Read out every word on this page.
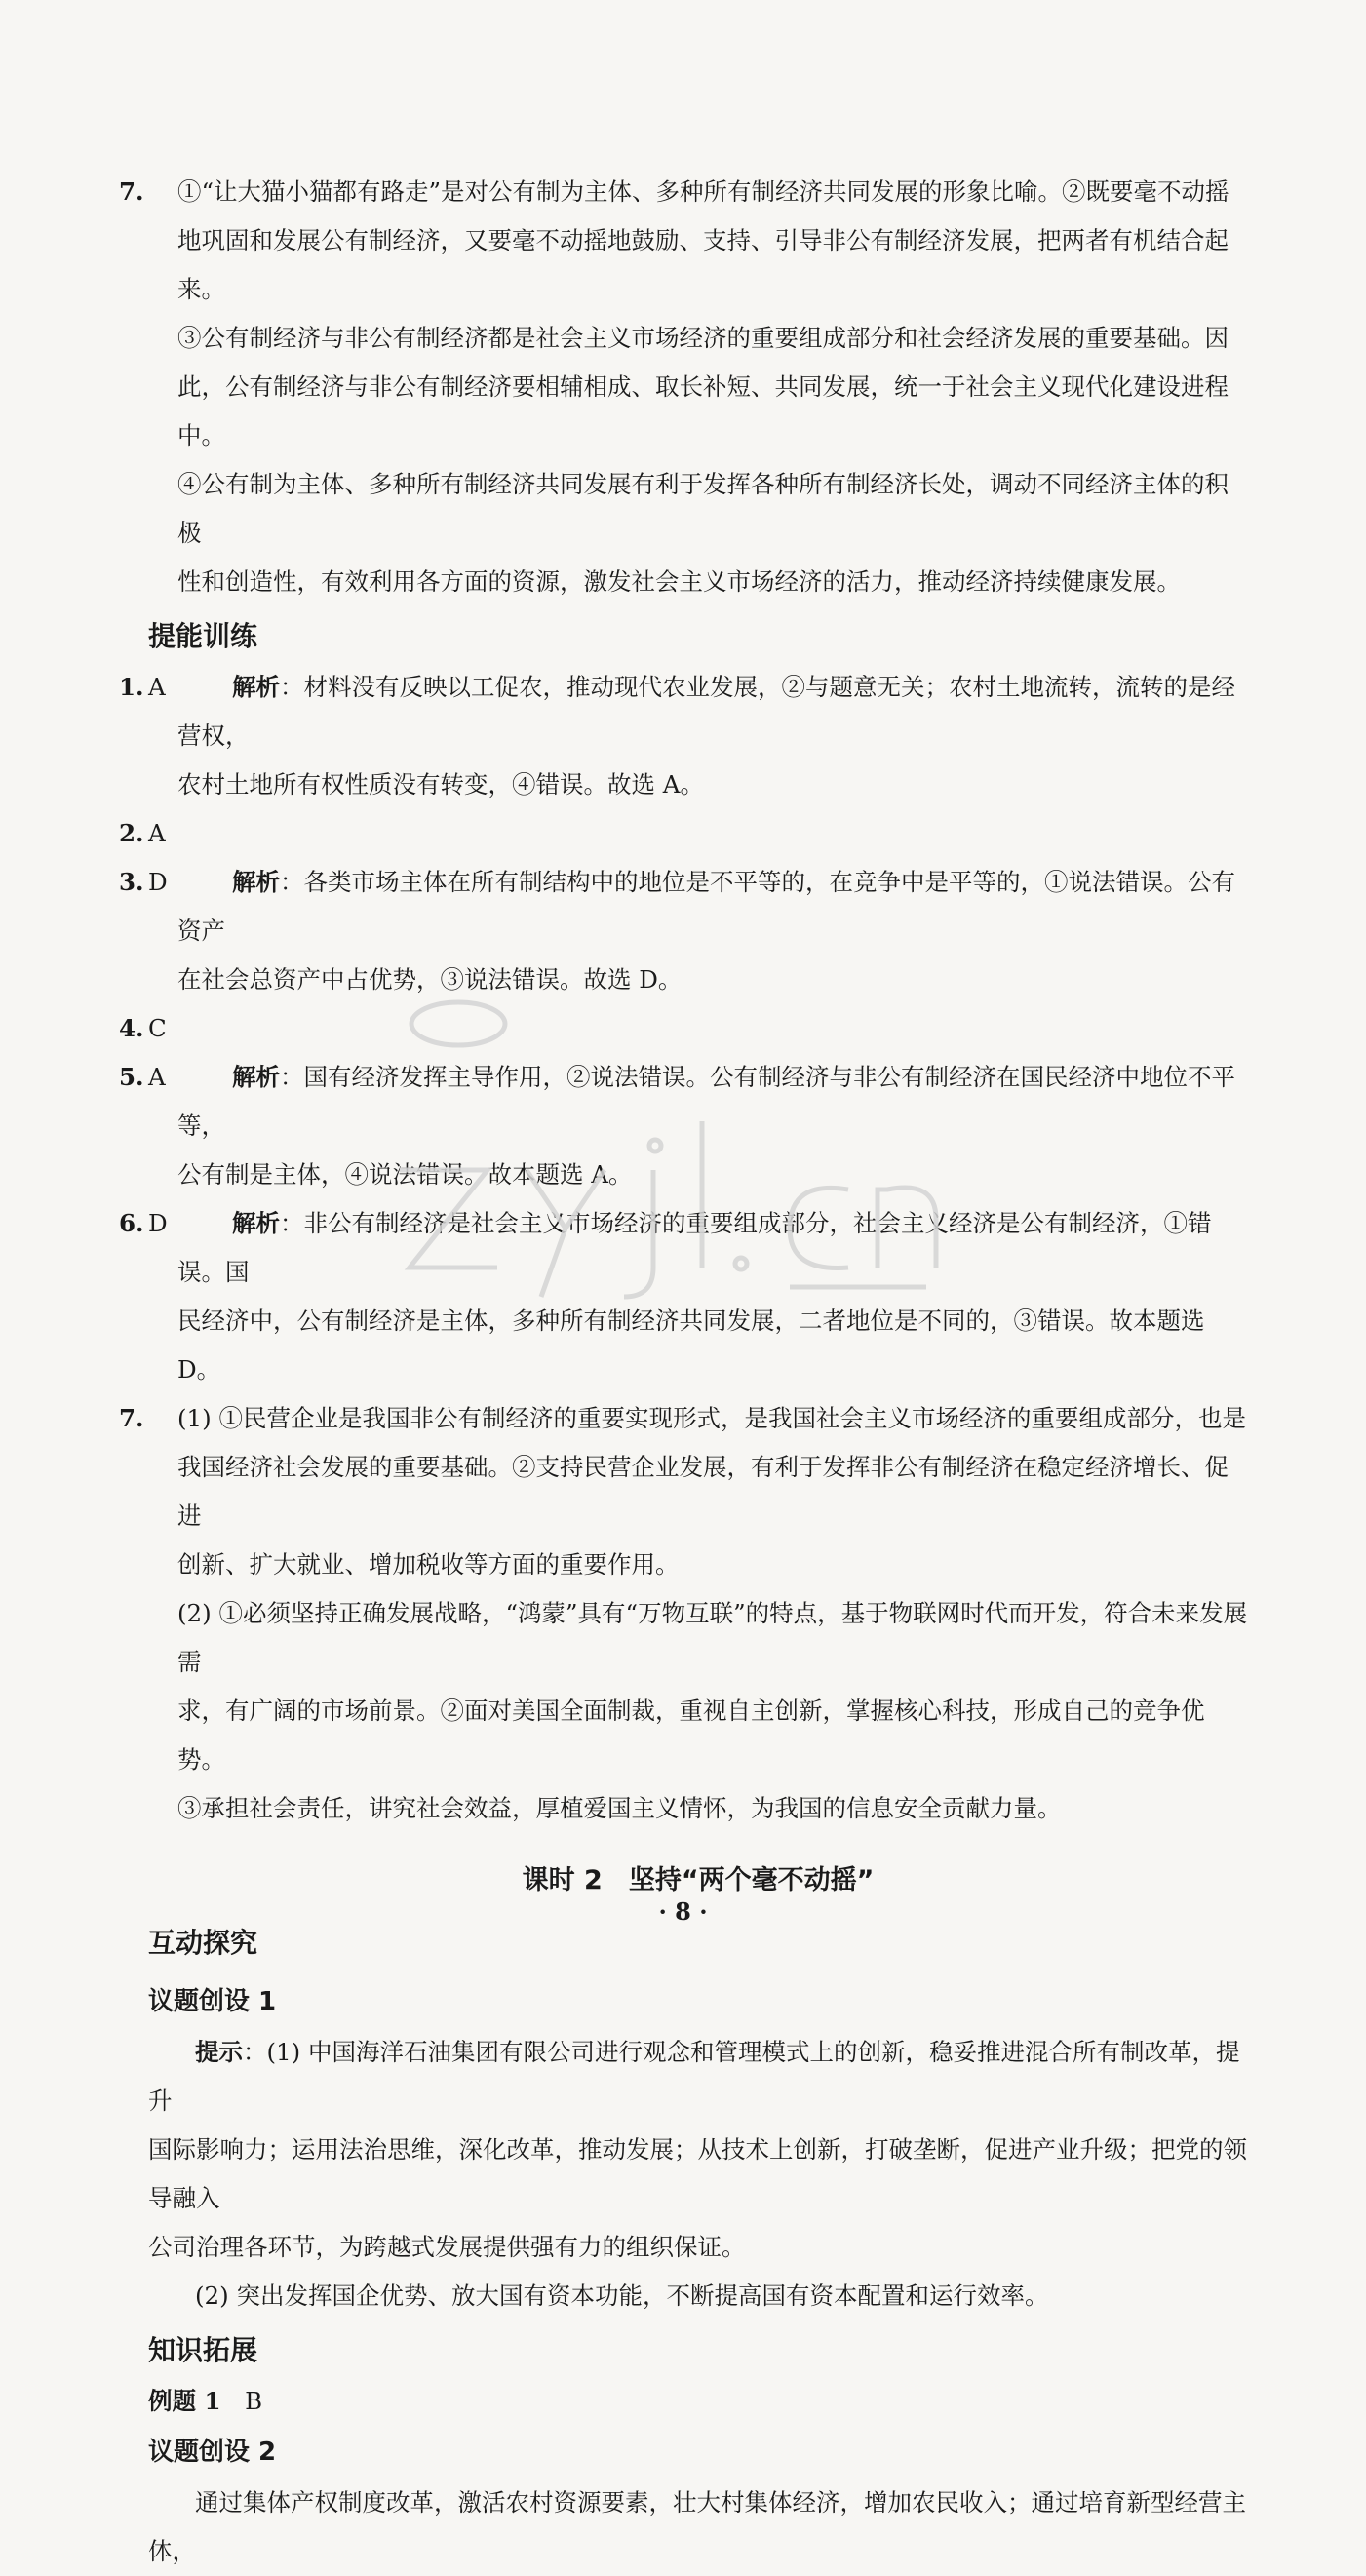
7. ①“让大猫小猫都有路走”是对公有制为主体、多种所有制经济共同发展的形象比喻。②既要毫不动摇

地巩固和发展公有制经济，又要毫不动摇地鼓励、支持、引导非公有制经济发展，把两者有机结合起来。

③公有制经济与非公有制经济都是社会主义市场经济的重要组成部分和社会经济发展的重要基础。因

此，公有制经济与非公有制经济要相辅相成、取长补短、共同发展，统一于社会主义现代化建设进程中。

④公有制为主体、多种所有制经济共同发展有利于发挥各种所有制经济长处，调动不同经济主体的积极

性和创造性，有效利用各方面的资源，激发社会主义市场经济的活力，推动经济持续健康发展。

提能训练

1. A	解析：材料没有反映以工促农，推动现代农业发展，②与题意无关；农村土地流转，流转的是经营权，

农村土地所有权性质没有转变，④错误。故选 A。

2. A

3. D	解析：各类市场主体在所有制结构中的地位是不平等的，在竞争中是平等的，①说法错误。公有资产

在社会总资产中占优势，③说法错误。故选 D。

4. C

5. A	解析：国有经济发挥主导作用，②说法错误。公有制经济与非公有制经济在国民经济中地位不平等，

公有制是主体，④说法错误。故本题选 A。

6. D	解析：非公有制经济是社会主义市场经济的重要组成部分，社会主义经济是公有制经济，①错误。国

民经济中，公有制经济是主体，多种所有制经济共同发展，二者地位是不同的，③错误。故本题选 D。

7. (1) ①民营企业是我国非公有制经济的重要实现形式，是我国社会主义市场经济的重要组成部分，也是

我国经济社会发展的重要基础。②支持民营企业发展，有利于发挥非公有制经济在稳定经济增长、促进

创新、扩大就业、增加税收等方面的重要作用。

(2) ①必须坚持正确发展战略，“鸿蒙”具有“万物互联”的特点，基于物联网时代而开发，符合未来发展需

求，有广阔的市场前景。②面对美国全面制裁，重视自主创新，掌握核心科技，形成自己的竞争优势。

③承担社会责任，讲究社会效益，厚植爱国主义情怀，为我国的信息安全贡献力量。

课时 2　坚持“两个毫不动摇”
互动探究
议题创设 1

提示：(1) 中国海洋石油集团有限公司进行观念和管理模式上的创新，稳妥推进混合所有制改革，提升

国际影响力；运用法治思维，深化改革，推动发展；从技术上创新，打破垄断，促进产业升级；把党的领导融入

公司治理各环节，为跨越式发展提供强有力的组织保证。

(2) 突出发挥国企优势、放大国有资本功能，不断提高国有资本配置和运行效率。

知识拓展

例题 1　 B

议题创设 2

通过集体产权制度改革，激活农村资源要素，壮大村集体经济，增加农民收入；通过培育新型经营主体，

· 8 ·
